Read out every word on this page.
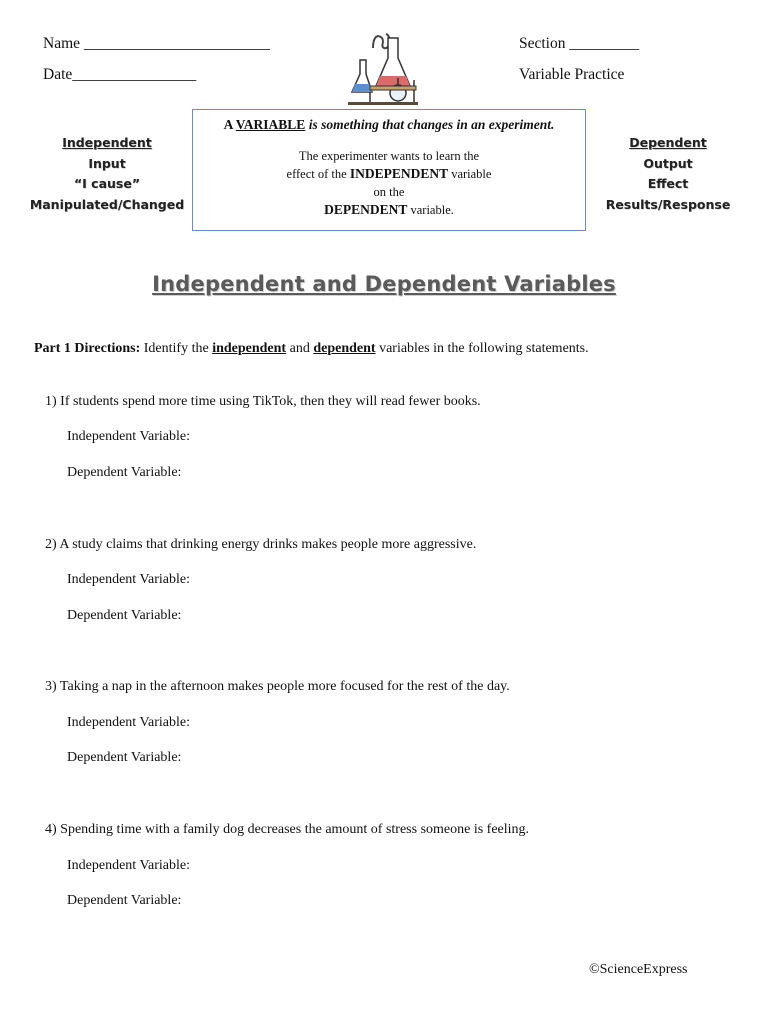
Name ________________________
Date________________
Section _________
Variable Practice
Independent
Input
“I cause”
Manipulated/Changed
Dependent
Output
Effect
Results/Response
A VARIABLE is something that changes in an experiment.
The experimenter wants to learn the
effect of the INDEPENDENT variable
on the
DEPENDENT variable.
Independent and Dependent Variables
Part 1 Directions: Identify the independent and dependent variables in the following statements.
1) If students spend more time using TikTok, then they will read fewer books.
Independent Variable:
Dependent Variable:
2) A study claims that drinking energy drinks makes people more aggressive.
Independent Variable:
Dependent Variable:
3) Taking a nap in the afternoon makes people more focused for the rest of the day.
Independent Variable:
Dependent Variable:
4) Spending time with a family dog decreases the amount of stress someone is feeling.
Independent Variable:
Dependent Variable:
©ScienceExpress
